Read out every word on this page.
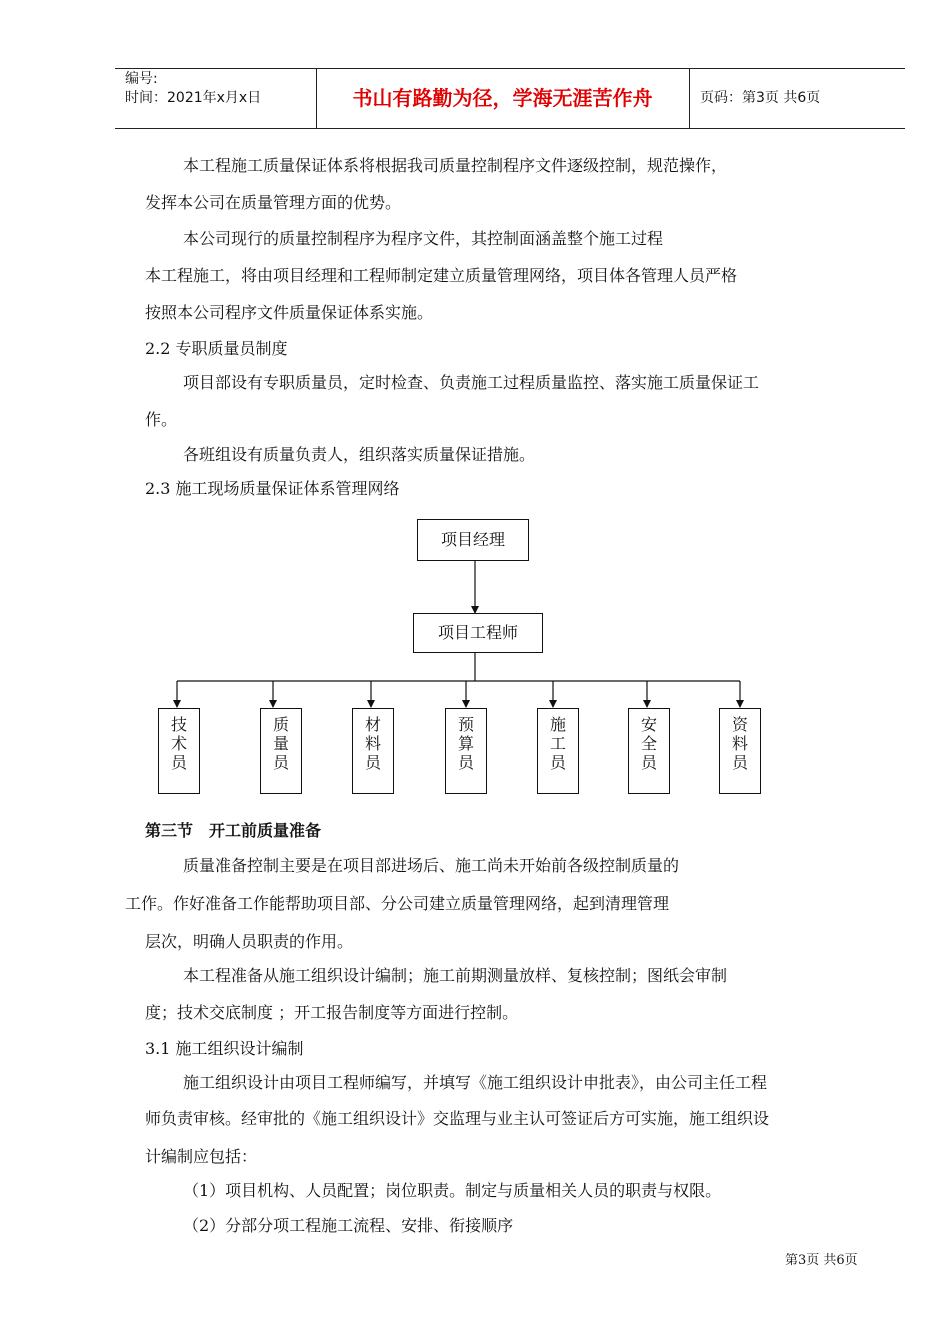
编号:
时间：2021年x月x日	书山有路勤为径，学海无涯苦作舟	页码：第3页 共6页
本工程施工质量保证体系将根据我司质量控制程序文件逐级控制，规范操作，
发挥本公司在质量管理方面的优势。
本公司现行的质量控制程序为程序文件，其控制面涵盖整个施工过程
本工程施工，将由项目经理和工程师制定建立质量管理网络，项目体各管理人员严格
按照本公司程序文件质量保证体系实施。
2.2 专职质量员制度
项目部设有专职质量员，定时检查、负责施工过程质量监控、落实施工质量保证工
作。
各班组设有质量负责人，组织落实质量保证措施。
2.3 施工现场质量保证体系管理网络
项目经理
项目工程师
技
术
员
质
量
员
材
料
员
预
算
员
施
工
员
安
全
员
资
料
员
第三节　开工前质量准备
质量准备控制主要是在项目部进场后、施工尚未开始前各级控制质量的
工作。作好准备工作能帮助项目部、分公司建立质量管理网络，起到清理管理
层次，明确人员职责的作用。
本工程准备从施工组织设计编制；施工前期测量放样、复核控制；图纸会审制
度；技术交底制度 ；开工报告制度等方面进行控制。
3.1 施工组织设计编制
施工组织设计由项目工程师编写，并填写《施工组织设计申批表》，由公司主任工程
师负责审核。经审批的《施工组织设计》交监理与业主认可签证后方可实施，施工组织设
计编制应包括：
（1）项目机构、人员配置；岗位职责。制定与质量相关人员的职责与权限。
（2）分部分项工程施工流程、安排、衔接顺序
第3页 共6页
